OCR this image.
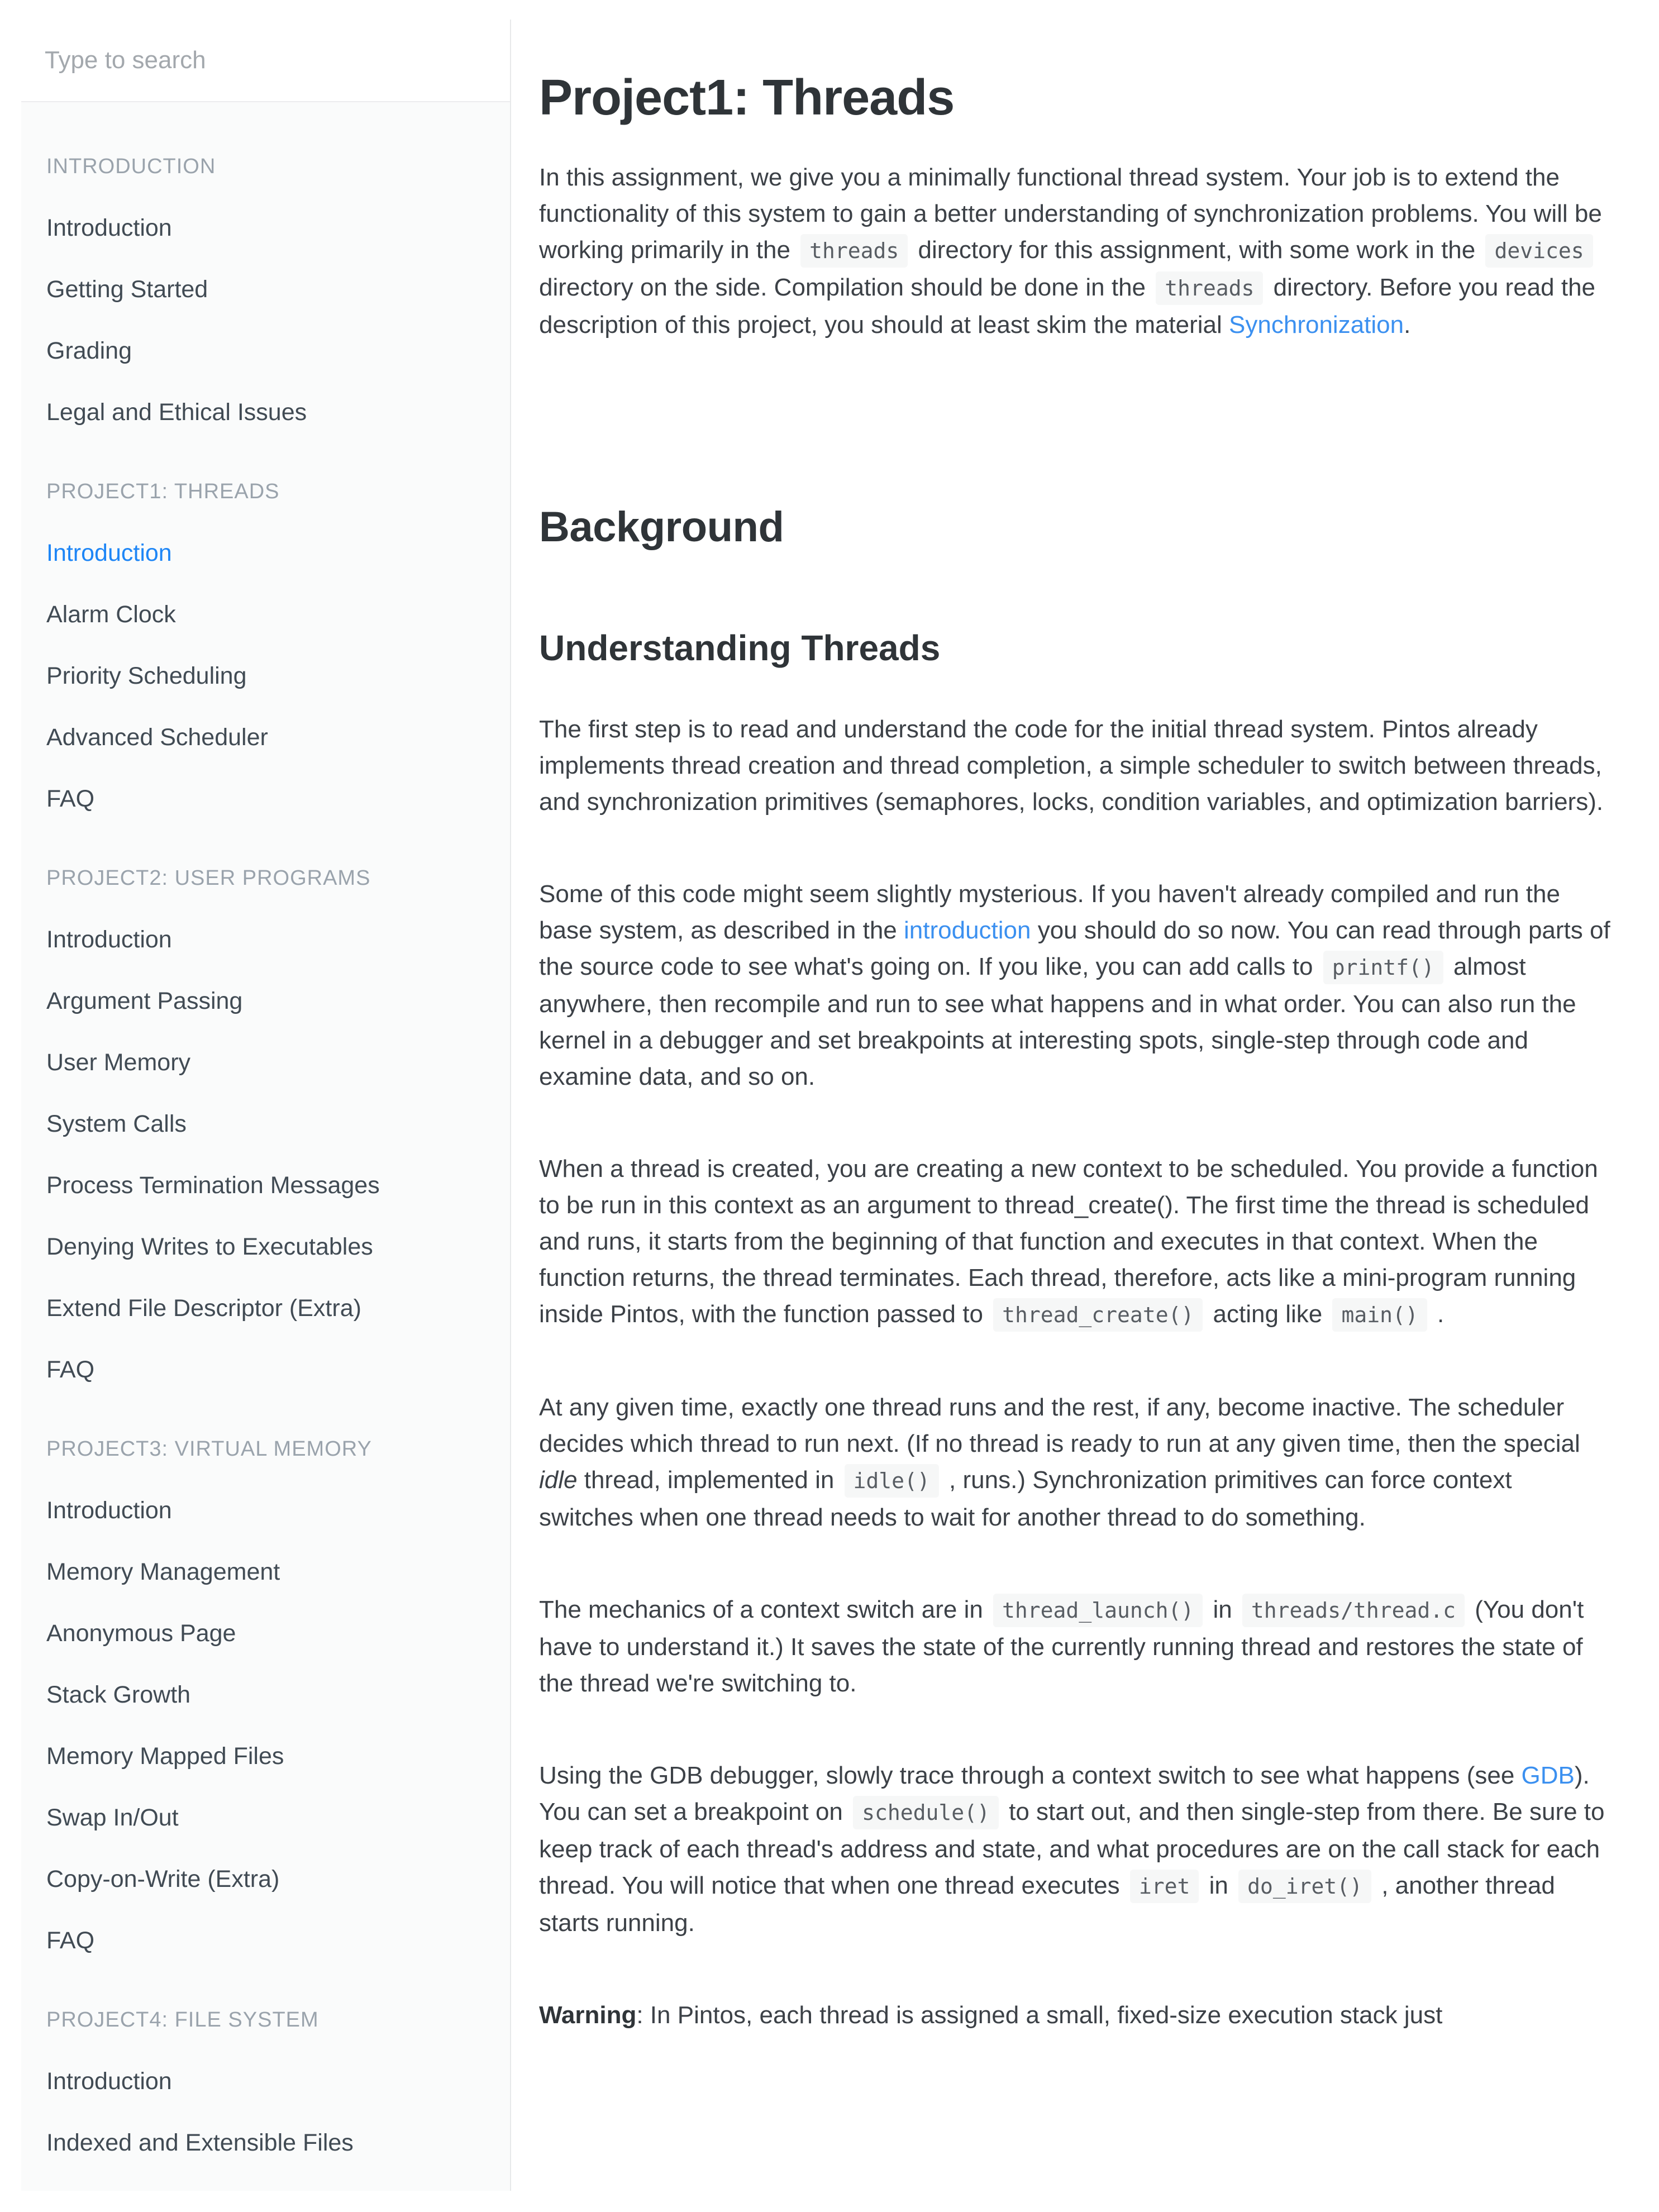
Type to search
INTRODUCTION
Introduction
Getting Started
Grading
Legal and Ethical Issues
PROJECT1: THREADS
Introduction
Alarm Clock
Priority Scheduling
Advanced Scheduler
FAQ
PROJECT2: USER PROGRAMS
Introduction
Argument Passing
User Memory
System Calls
Process Termination Messages
Denying Writes to Executables
Extend File Descriptor (Extra)
FAQ
PROJECT3: VIRTUAL MEMORY
Introduction
Memory Management
Anonymous Page
Stack Growth
Memory Mapped Files
Swap In/Out
Copy-on-Write (Extra)
FAQ
PROJECT4: FILE SYSTEM
Introduction
Indexed and Extensible Files
Project1: Threads

In this assignment, we give you a minimally functional thread system. Your job is to extend the functionality of this system to gain a better understanding of synchronization problems. You will be working primarily in the threads directory for this assignment, with some work in the devices directory on the side. Compilation should be done in the threads directory. Before you read the description of this project, you should at least skim the material Synchronization.

Background
Understanding Threads

The first step is to read and understand the code for the initial thread system. Pintos already implements thread creation and thread completion, a simple scheduler to switch between threads, and synchronization primitives (semaphores, locks, condition variables, and optimization barriers).

Some of this code might seem slightly mysterious. If you haven't already compiled and run the base system, as described in the introduction you should do so now. You can read through parts of the source code to see what's going on. If you like, you can add calls to printf() almost anywhere, then recompile and run to see what happens and in what order. You can also run the kernel in a debugger and set breakpoints at interesting spots, single-step through code and examine data, and so on.

When a thread is created, you are creating a new context to be scheduled. You provide a function to be run in this context as an argument to thread_create(). The first time the thread is scheduled and runs, it starts from the beginning of that function and executes in that context. When the function returns, the thread terminates. Each thread, therefore, acts like a mini-program running inside Pintos, with the function passed to thread_create() acting like main() .

At any given time, exactly one thread runs and the rest, if any, become inactive. The scheduler decides which thread to run next. (If no thread is ready to run at any given time, then the special idle thread, implemented in idle() , runs.) Synchronization primitives can force context switches when one thread needs to wait for another thread to do something.

The mechanics of a context switch are in thread_launch() in threads/thread.c (You don't have to understand it.) It saves the state of the currently running thread and restores the state of the thread we're switching to.

Using the GDB debugger, slowly trace through a context switch to see what happens (see GDB). You can set a breakpoint on schedule() to start out, and then single-step from there. Be sure to keep track of each thread's address and state, and what procedures are on the call stack for each thread. You will notice that when one thread executes iret in do_iret() , another thread starts running.

Warning: In Pintos, each thread is assigned a small, fixed-size execution stack just
